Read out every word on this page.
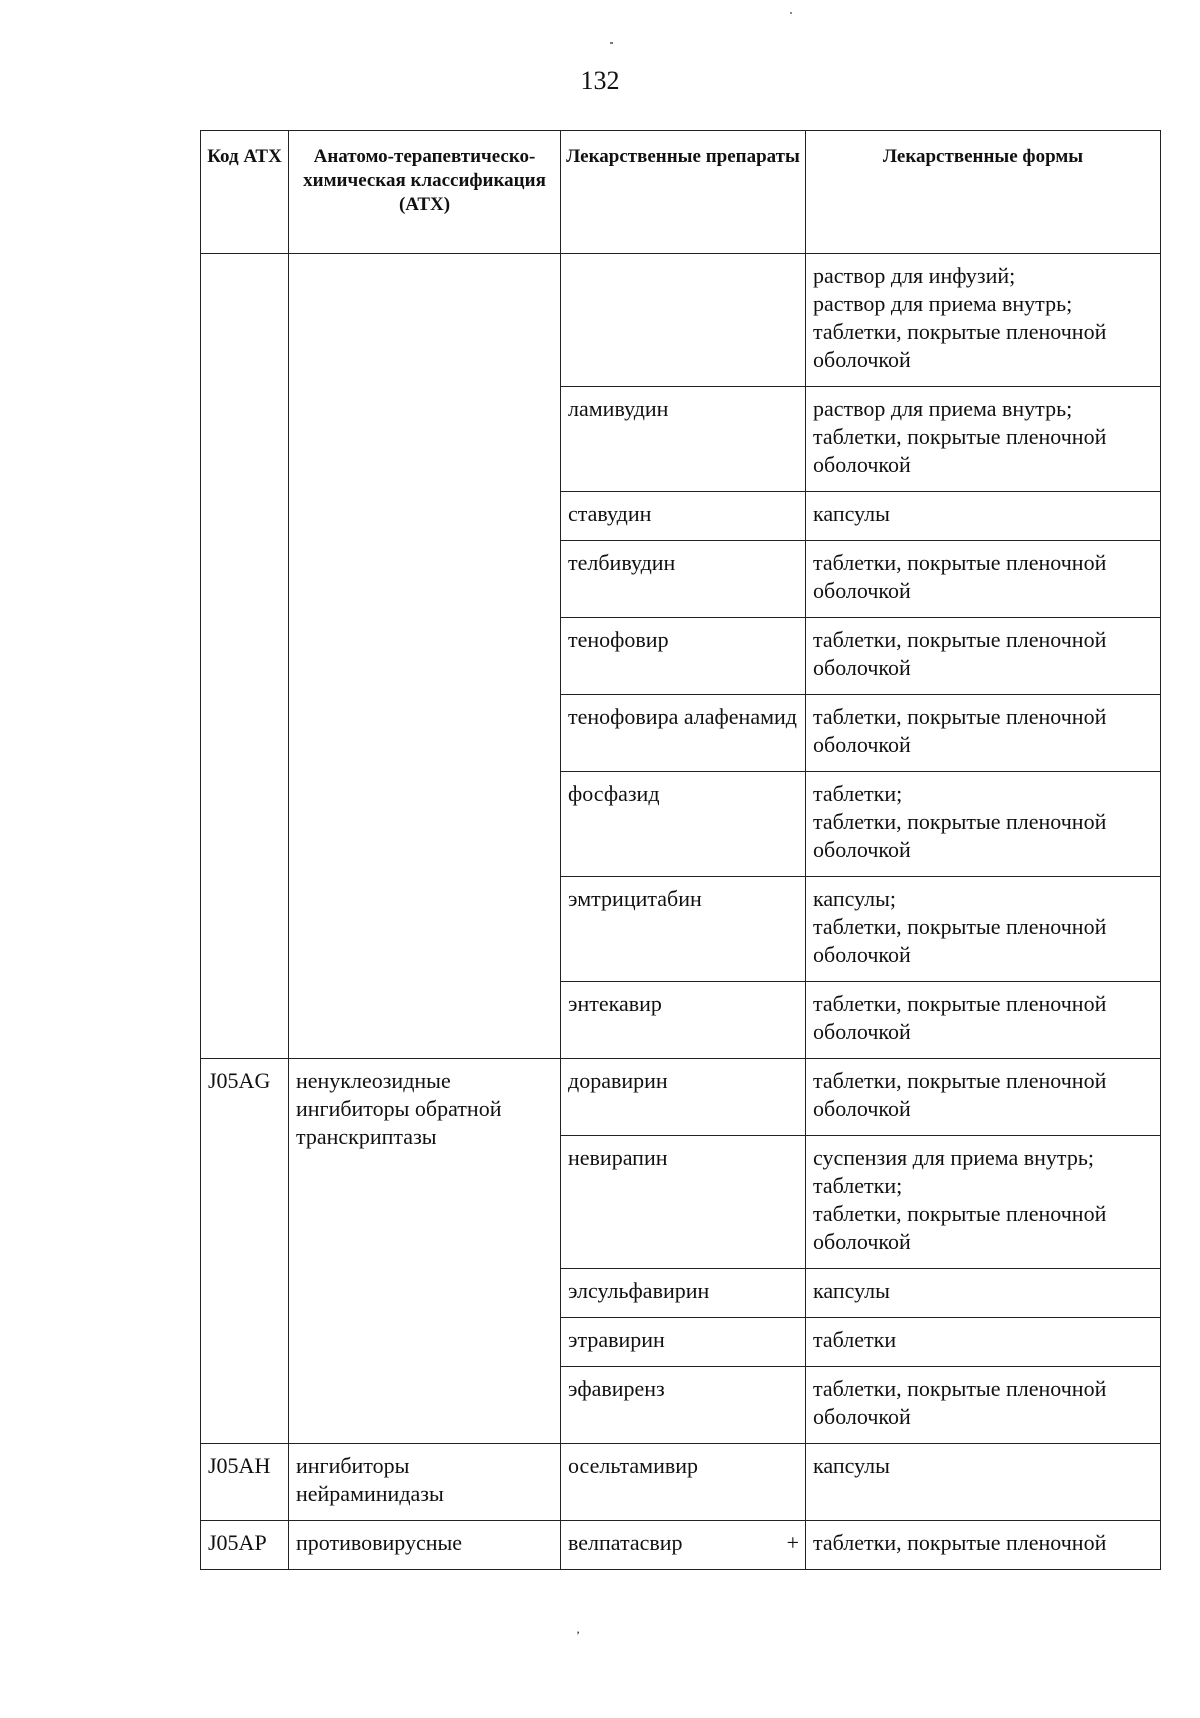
132
Код АТХ	Анатомо-терапевтическо-химическая классификация (АТХ)	Лекарственные препараты	Лекарственные формы

			раствор для инфузий;
раствор для приема внутрь;
таблетки, покрытые пленочной оболочкой

		ламивудин	раствор для приема внутрь;
таблетки, покрытые пленочной оболочкой

		ставудин	капсулы

		телбивудин	таблетки, покрытые пленочной оболочкой

		тенофовир	таблетки, покрытые пленочной оболочкой

		тенофовира алафенамид	таблетки, покрытые пленочной оболочкой

		фосфазид	таблетки;
таблетки, покрытые пленочной оболочкой

		эмтрицитабин	капсулы;
таблетки, покрытые пленочной оболочкой

		энтекавир	таблетки, покрытые пленочной оболочкой

J05AG	ненуклеозидные ингибиторы обратной транскриптазы	доравирин	таблетки, покрытые пленочной оболочкой

		невирапин	суспензия для приема внутрь;
таблетки;
таблетки, покрытые пленочной оболочкой

		элсульфавирин	капсулы

		этравирин	таблетки

		эфавиренз	таблетки, покрытые пленочной оболочкой

J05AH	ингибиторы нейраминидазы	осельтамивир	капсулы

J05AP	противовирусные	велпатасвир +	таблетки, покрытые пленочной
’
